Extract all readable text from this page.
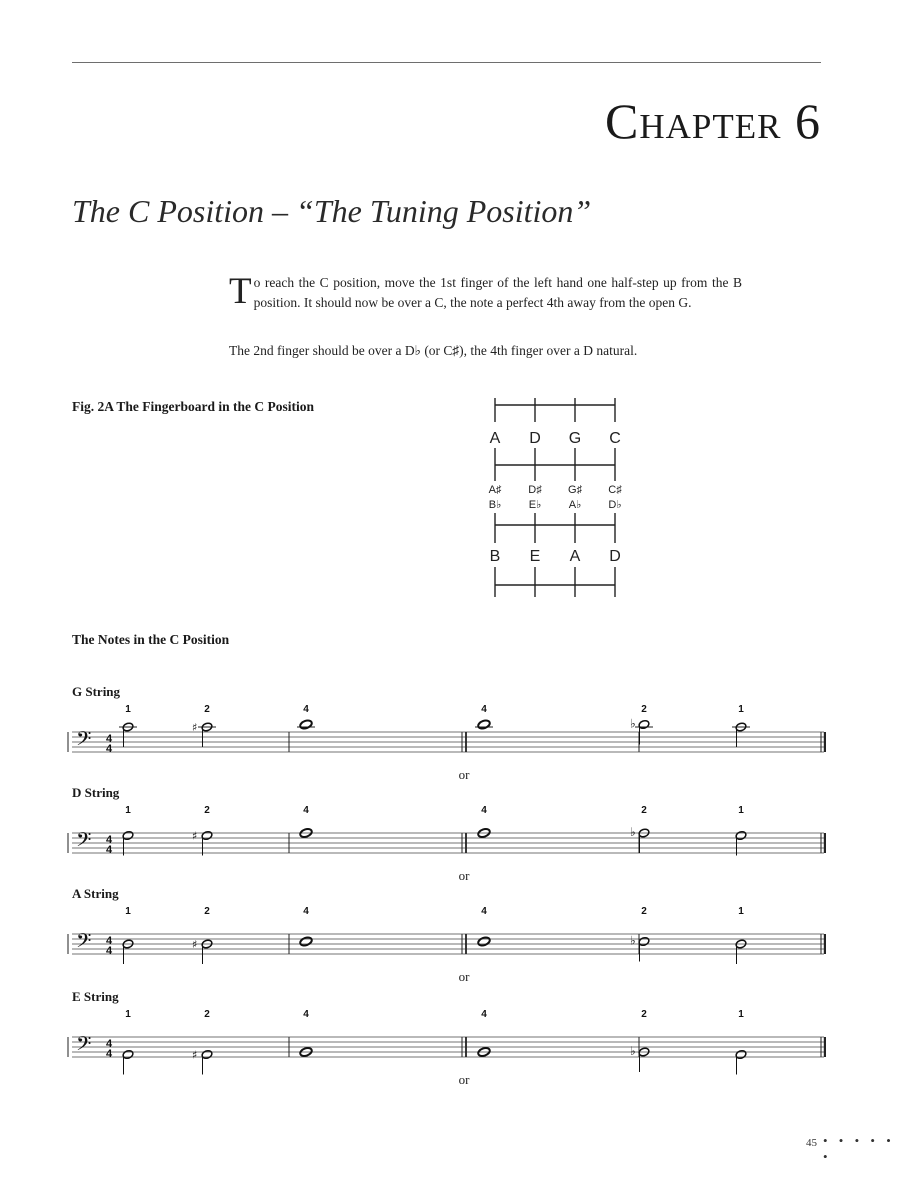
Chapter 6
The C Position – “The Tuning Position”
T o reach the C position, move the 1st finger of the left hand one half-step up from the B position. It should now be over a C, the note a perfect 4th away from the open G.
The 2nd finger should be over a D♭ (or C♯), the 4th finger over a D natural.
Fig. 2A The Fingerboard in the C Position
A D G C
A♯ D♯ G♯ C♯
B♭ E♭ A♭ D♭
B E A D
The Notes in the C Position
G String
𝄢 4
4
1
♯
2	4	4
♭
2	1
or
D String
𝄢 4
4
1
♯
2	4	4
♭
2	1
or
A String
𝄢 4
4
1
♯
2	4	4
♭
2	1
or
E String
𝄢 4
4
1
♯
2	4	4
♭
2	1
or
45 • • • • • •
